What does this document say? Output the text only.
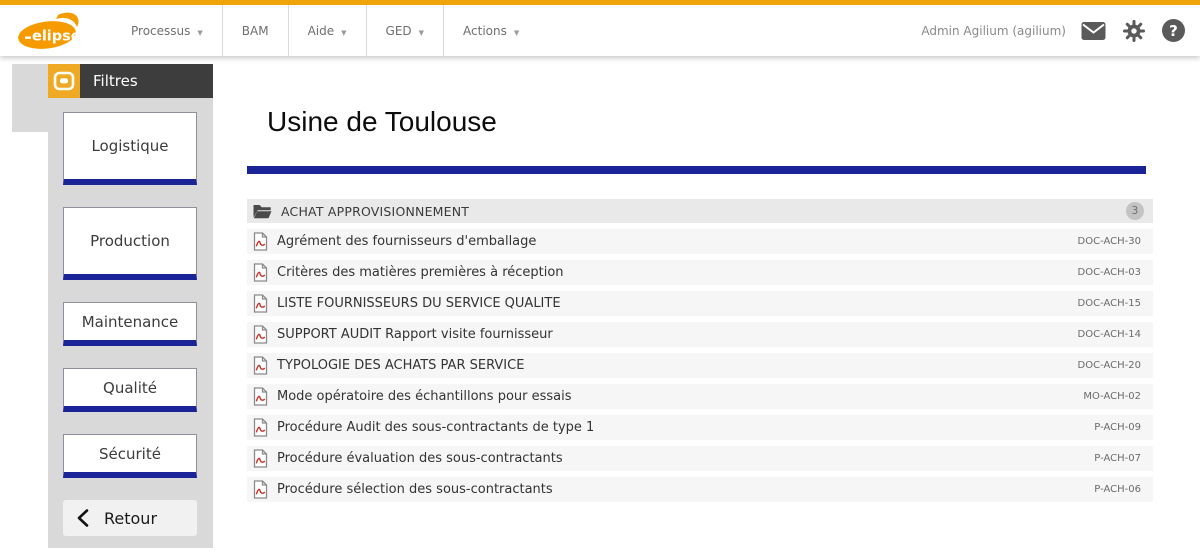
elipse	Processus ▼	BAM	Aide ▼	GED ▼	Actions ▼	Admin Agilium (agilium)
?
Filtres
Logistique
Production
Maintenance
Qualité
Sécurité
Retour
Usine de Toulouse
ACHAT APPROVISIONNEMENT	3
Agrément des fournisseurs d'emballage	DOC-ACH-30
Critères des matières premières à réception	DOC-ACH-03
LISTE FOURNISSEURS DU SERVICE QUALITE	DOC-ACH-15
SUPPORT AUDIT Rapport visite fournisseur	DOC-ACH-14
TYPOLOGIE DES ACHATS PAR SERVICE	DOC-ACH-20
Mode opératoire des échantillons pour essais	MO-ACH-02
Procédure Audit des sous-contractants de type 1	P-ACH-09
Procédure évaluation des sous-contractants	P-ACH-07
Procédure sélection des sous-contractants	P-ACH-06
